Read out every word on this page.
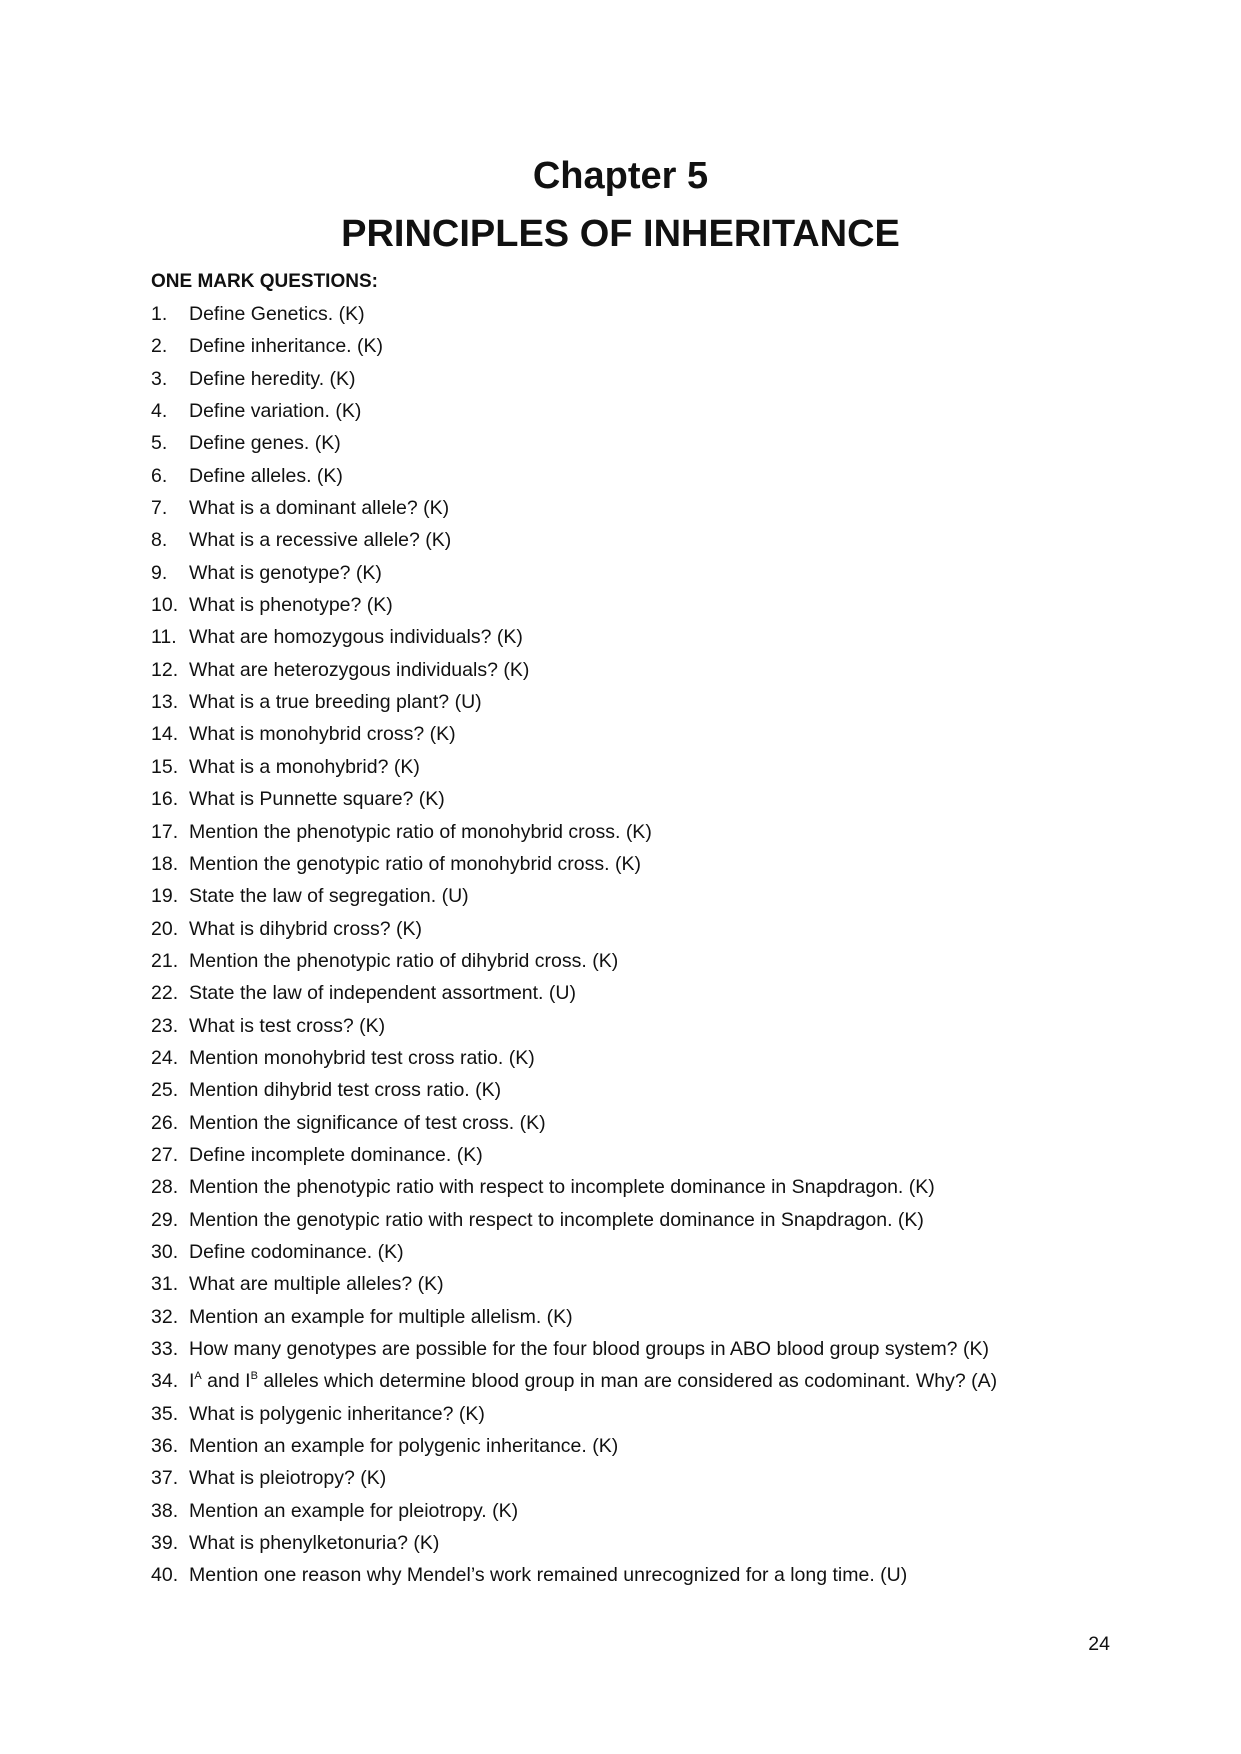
Chapter 5
PRINCIPLES OF INHERITANCE
ONE MARK QUESTIONS:
1. Define Genetics. (K)
2. Define inheritance. (K)
3. Define heredity. (K)
4. Define variation. (K)
5. Define genes. (K)
6. Define alleles. (K)
7. What is a dominant allele? (K)
8. What is a recessive allele? (K)
9. What is genotype? (K)
10. What is phenotype? (K)
11. What are homozygous individuals? (K)
12. What are heterozygous individuals? (K)
13. What is a true breeding plant? (U)
14. What is monohybrid cross? (K)
15. What is a monohybrid? (K)
16. What is Punnette square? (K)
17. Mention the phenotypic ratio of monohybrid cross. (K)
18. Mention the genotypic ratio of monohybrid cross. (K)
19. State the law of segregation. (U)
20. What is dihybrid cross? (K)
21. Mention the phenotypic ratio of dihybrid cross. (K)
22. State the law of independent assortment. (U)
23. What is test cross? (K)
24. Mention monohybrid test cross ratio. (K)
25. Mention dihybrid test cross ratio. (K)
26. Mention the significance of test cross. (K)
27. Define incomplete dominance. (K)
28. Mention the phenotypic ratio with respect to incomplete dominance in Snapdragon. (K)
29. Mention the genotypic ratio with respect to incomplete dominance in Snapdragon. (K)
30. Define codominance. (K)
31. What are multiple alleles? (K)
32. Mention an example for multiple allelism. (K)
33. How many genotypes are possible for the four blood groups in ABO blood group system? (K)
34. $I^A$ and $I^B$ alleles which determine blood group in man are considered as codominant. Why? (A)
35. What is polygenic inheritance? (K)
36. Mention an example for polygenic inheritance. (K)
37. What is pleiotropy? (K)
38. Mention an example for pleiotropy. (K)
39. What is phenylketonuria? (K)
40. Mention one reason why Mendel’s work remained unrecognized for a long time. (U)
24
